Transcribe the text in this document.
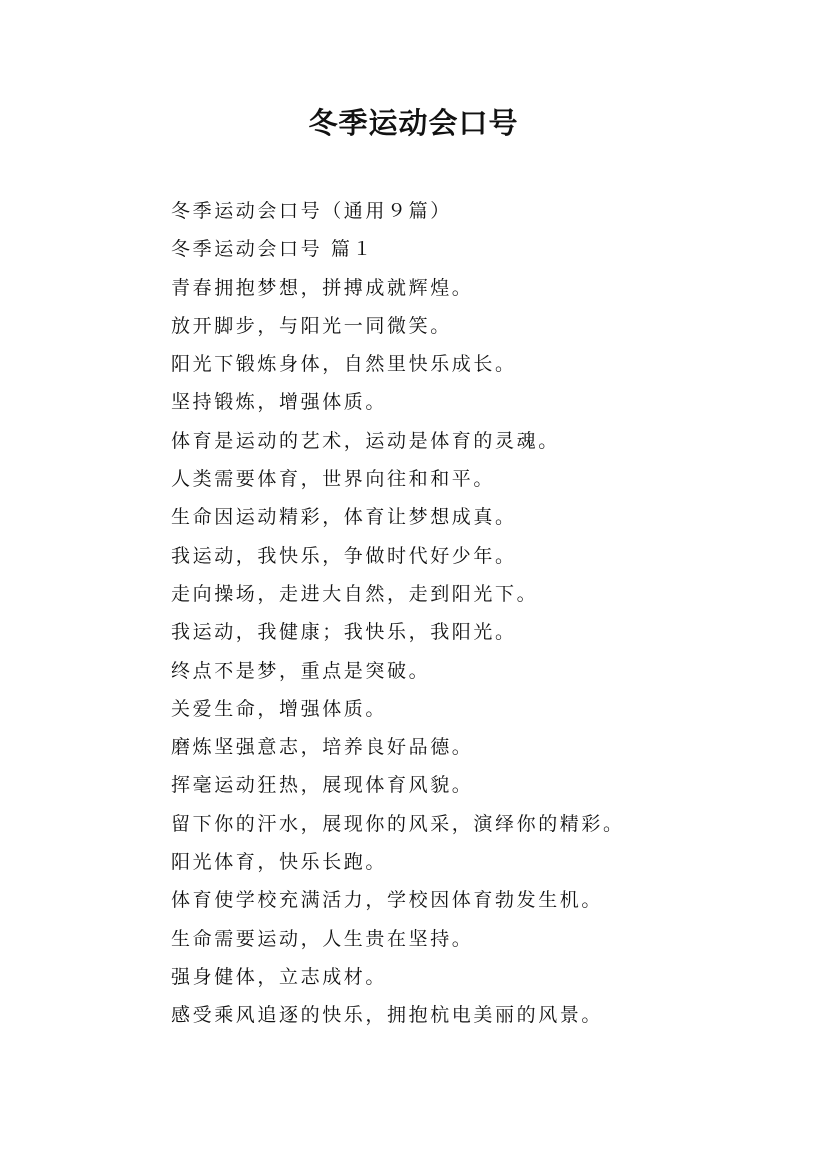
冬季运动会口号
冬季运动会口号（通用９篇）
冬季运动会口号 篇１
青春拥抱梦想，拼搏成就辉煌。
放开脚步，与阳光一同微笑。
阳光下锻炼身体，自然里快乐成长。
坚持锻炼，增强体质。
体育是运动的艺术，运动是体育的灵魂。
人类需要体育，世界向往和和平。
生命因运动精彩，体育让梦想成真。
我运动，我快乐，争做时代好少年。
走向操场，走进大自然，走到阳光下。
我运动，我健康；我快乐，我阳光。
终点不是梦，重点是突破。
关爱生命，增强体质。
磨炼坚强意志，培养良好品德。
挥毫运动狂热，展现体育风貌。
留下你的汗水，展现你的风采，演绎你的精彩。
阳光体育，快乐长跑。
体育使学校充满活力，学校因体育勃发生机。
生命需要运动，人生贵在坚持。
强身健体，立志成材。
感受乘风追逐的快乐，拥抱杭电美丽的风景。
